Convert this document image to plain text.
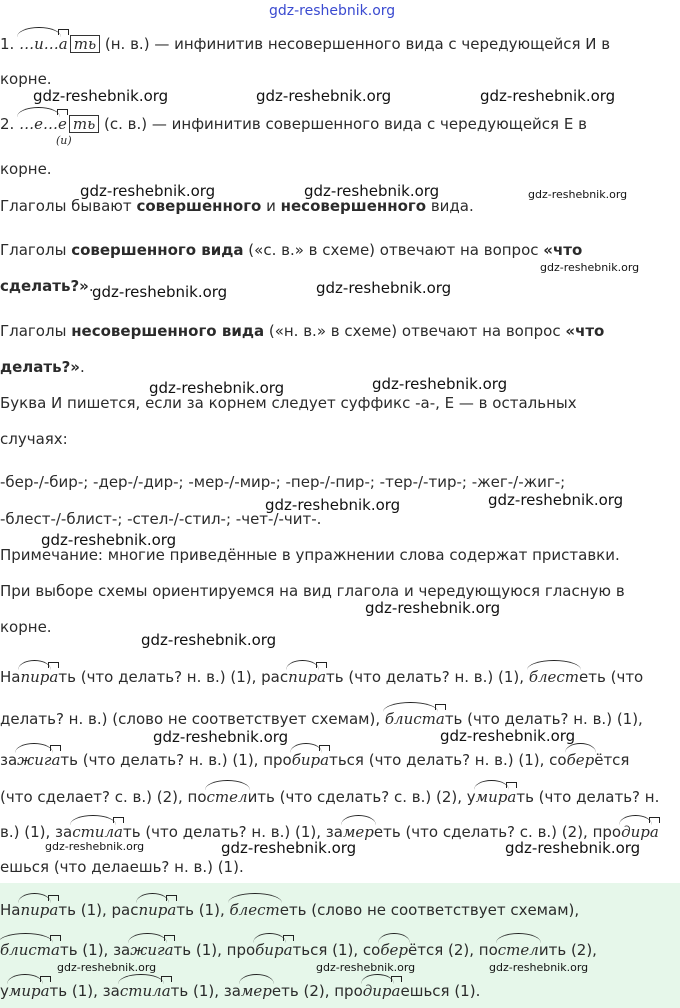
gdz-reshebnik.org
1. …и…а ть (н. в.) — инфинитив несовершенного вида с чередующейся И в
корне.
2. …е…е
(и)
ть (с. в.) — инфинитив совершенного вида с чередующейся Е в
корне.
Глаголы бывают совершенного и несовершенного вида.
Глаголы совершенного вида («с. в.» в схеме) отвечают на вопрос «что
сделать?».
Глаголы несовершенного вида («н. в.» в схеме) отвечают на вопрос «что
делать?».
Буква И пишется, если за корнем следует суффикс -а-, Е — в остальных
случаях:
-бер-/-бир-; -дер-/-дир-; -мер-/-мир-; -пер-/-пир-; -тер-/-тир-; -жег-/-жиг-;
-блест-/-блист-; -стел-/-стил-; -чет-/-чит-.
Примечание: многие приведённые в упражнении слова содержат приставки.
При выборе схемы ориентируемся на вид глагола и чередующуюся гласную в
корне.
Напирать (что делать? н. в.) (1), распирать (что делать? н. в.) (1), блестеть (что
делать? н. в.) (слово не соответствует схемам), блистать (что делать? н. в.) (1),
зажигать (что делать? н. в.) (1), пробираться (что делать? н. в.) (1), соберётся
(что сделает? с. в.) (2), постелить (что сделать? с. в.) (2), умирать (что делать? н.
в.) (1), застилать (что делать? н. в.) (1), замереть (что сделать? с. в.) (2), продира
ешься (что делаешь? н. в.) (1).
Напирать (1), распирать (1), блестеть (слово не соответствует схемам),
блистать (1), зажигать (1), пробираться (1), соберётся (2), постелить (2),
умирать (1), застилать (1), замереть (2), продираешься (1).
gdz-reshebnik.org	gdz-reshebnik.org	gdz-reshebnik.org
gdz-reshebnik.org	gdz-reshebnik.org	gdz-reshebnik.org
gdz-reshebnik.org
gdz-reshebnik.org	gdz-reshebnik.org
gdz-reshebnik.org	gdz-reshebnik.org
gdz-reshebnik.org	gdz-reshebnik.org
gdz-reshebnik.org
gdz-reshebnik.org
gdz-reshebnik.org
gdz-reshebnik.org	gdz-reshebnik.org
gdz-reshebnik.org	gdz-reshebnik.org	gdz-reshebnik.org
gdz-reshebnik.org	gdz-reshebnik.org	gdz-reshebnik.org
